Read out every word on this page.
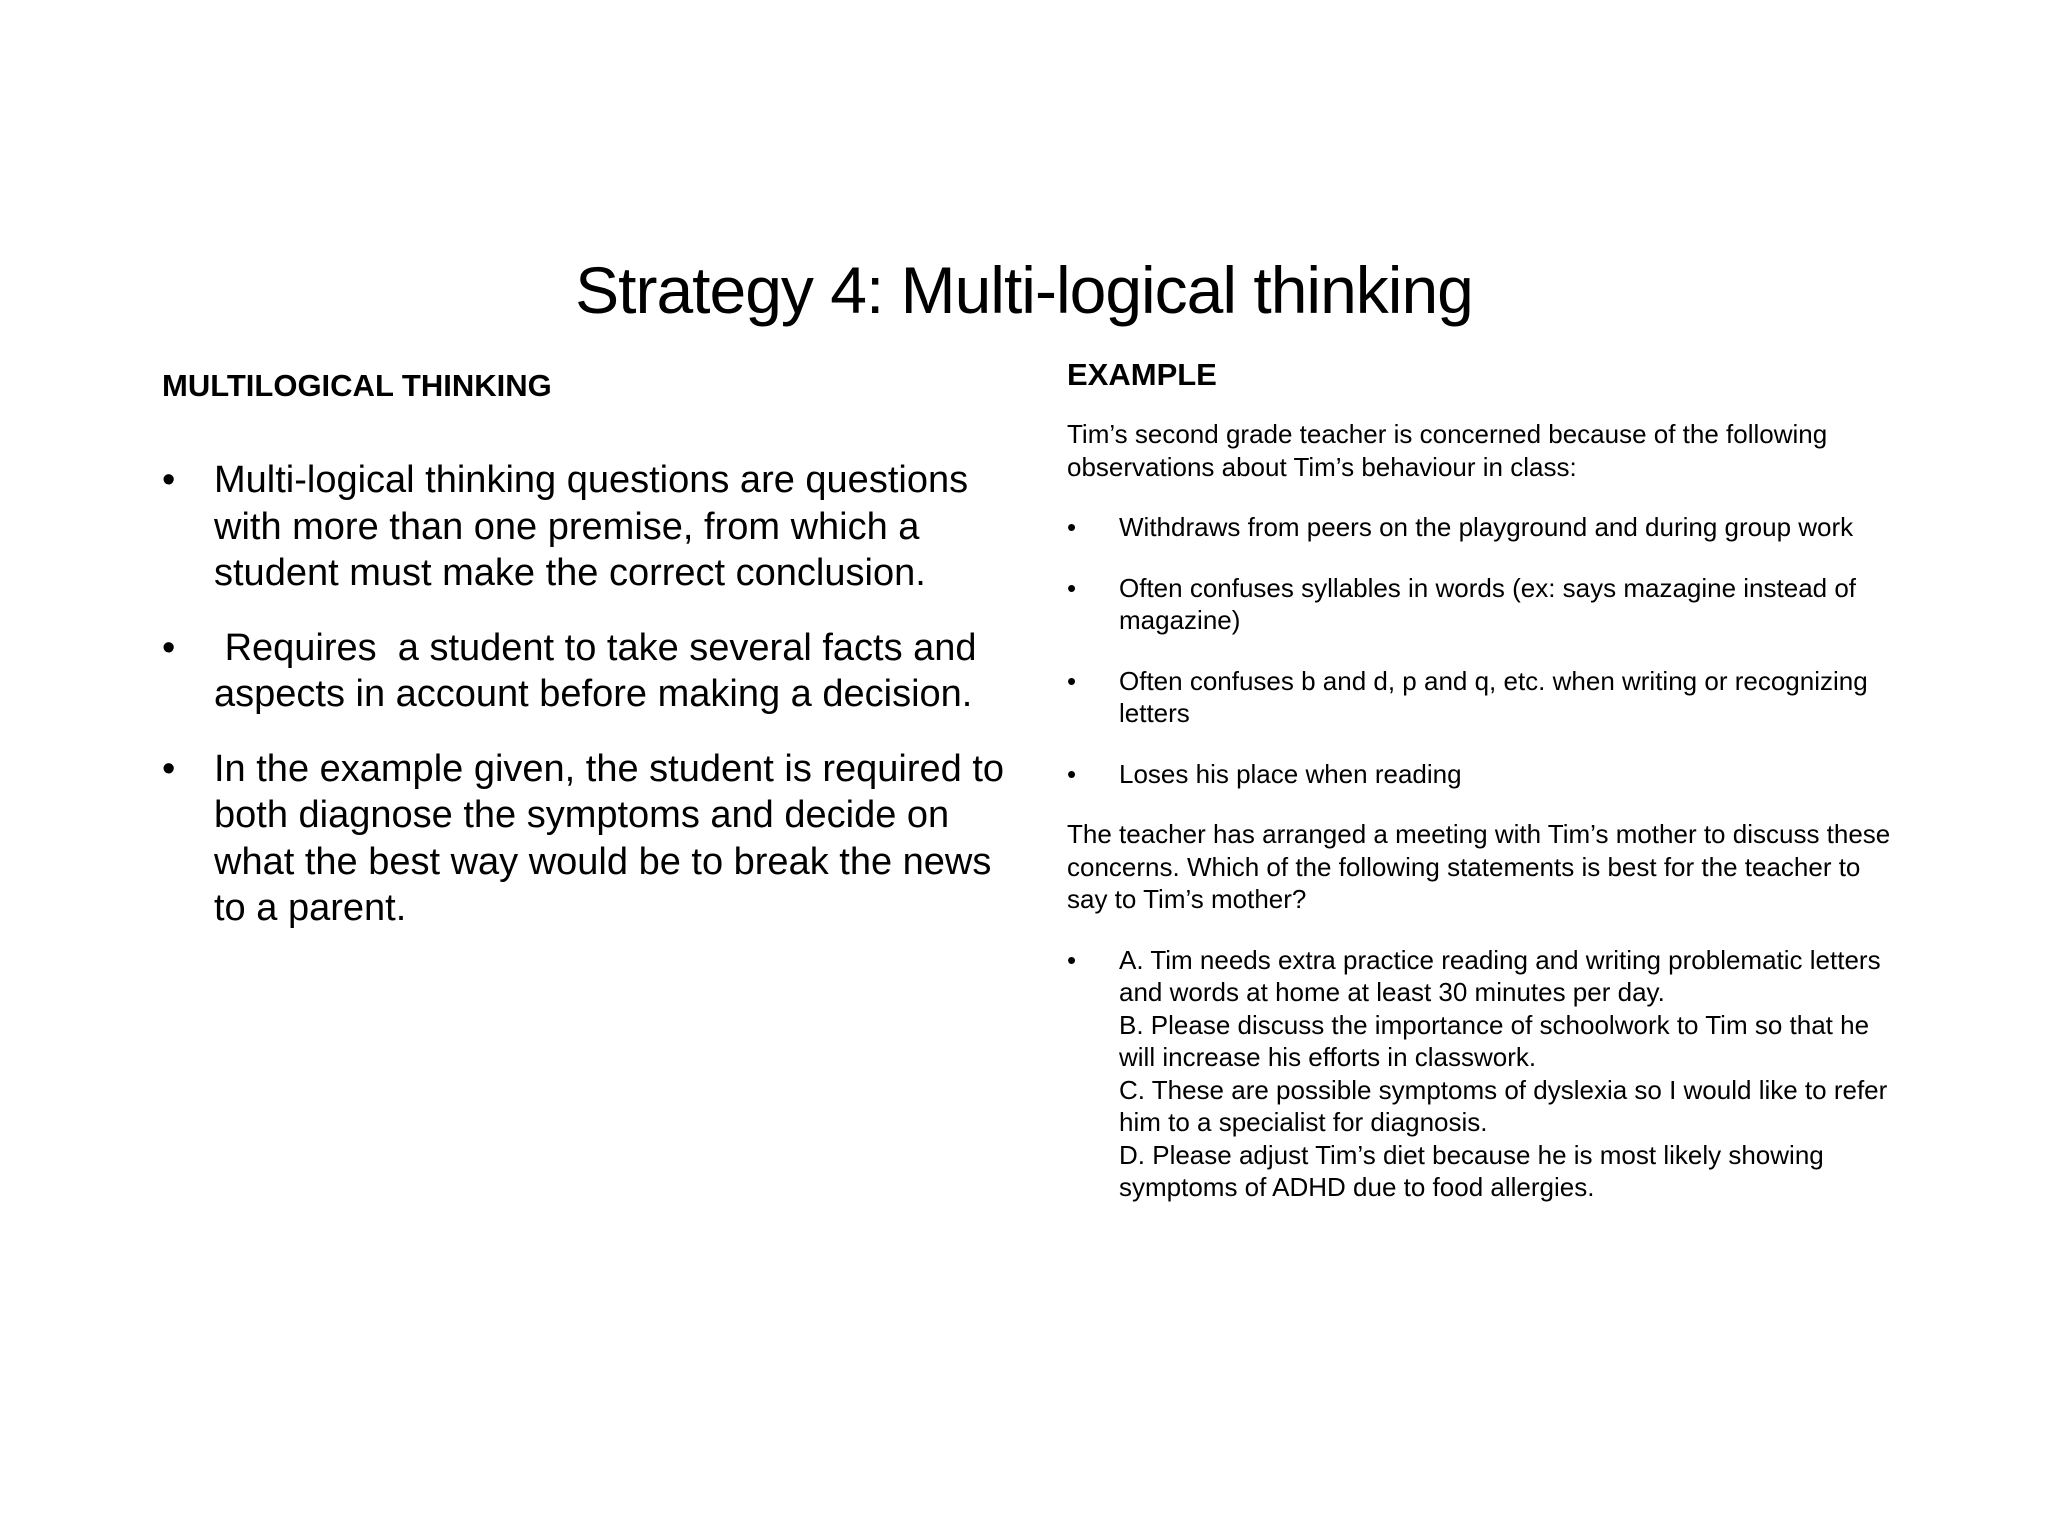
Strategy 4: Multi-logical thinking
MULTILOGICAL THINKING
•	Multi-logical thinking questions are questions with more than one premise, from which a student must make the correct conclusion.
•	Requires  a student to take several facts and aspects in account before making a decision.
•	In the example given, the student is required to both diagnose the symptoms and decide on what the best way would be to break the news to a parent.
EXAMPLE

Tim’s second grade teacher is concerned because of the following observations about Tim’s behaviour in class:

•	Withdraws from peers on the playground and during group work
•	Often confuses syllables in words (ex: says mazagine instead of magazine)
•	Often confuses b and d, p and q, etc. when writing or recognizing letters
•	Loses his place when reading

The teacher has arranged a meeting with Tim’s mother to discuss these concerns. Which of the following statements is best for the teacher to say to Tim’s mother?

•	A. Tim needs extra practice reading and writing problematic letters and words at home at least 30 minutes per day.
B. Please discuss the importance of schoolwork to Tim so that he will increase his efforts in classwork.
C. These are possible symptoms of dyslexia so I would like to refer him to a specialist for diagnosis.
D. Please adjust Tim’s diet because he is most likely showing symptoms of ADHD due to food allergies.
